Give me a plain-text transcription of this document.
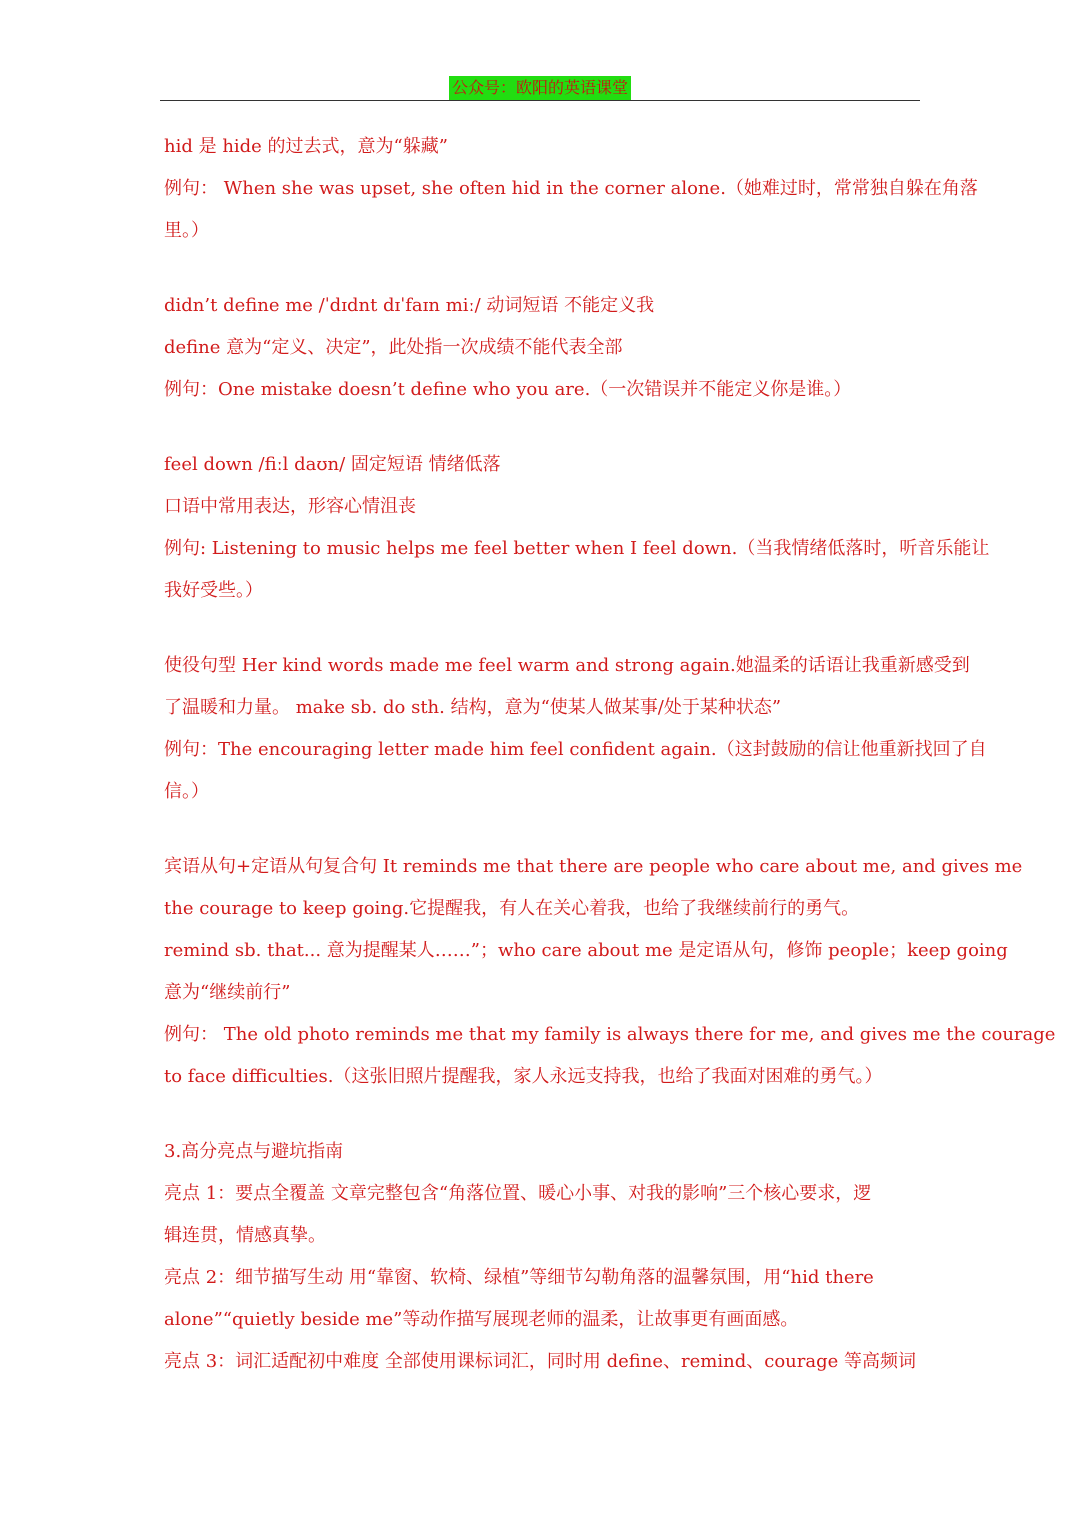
公众号：欧阳的英语课堂
hid 是 hide 的过去式，意为“躲藏”
例句： When she was upset, she often hid in the corner alone.（她难过时，常常独自躲在角落
里。）
didn’t define me /ˈdɪdnt dɪˈfaɪn miː/ 动词短语 不能定义我
define 意为“定义、决定”，此处指一次成绩不能代表全部
例句：One mistake doesn’t define who you are.（一次错误并不能定义你是谁。）
feel down /fiːl daʊn/ 固定短语 情绪低落
口语中常用表达，形容心情沮丧
例句: Listening to music helps me feel better when I feel down.（当我情绪低落时，听音乐能让
我好受些。）
使役句型 Her kind words made me feel warm and strong again.她温柔的话语让我重新感受到
了温暖和力量。 make sb. do sth. 结构，意为“使某人做某事/处于某种状态”
例句：The encouraging letter made him feel confident again.（这封鼓励的信让他重新找回了自
信。）
宾语从句+定语从句复合句 It reminds me that there are people who care about me, and gives me
the courage to keep going.它提醒我，有人在关心着我，也给了我继续前行的勇气。
remind sb. that... 意为提醒某人……”；who care about me 是定语从句，修饰 people；keep going
意为“继续前行”
例句： The old photo reminds me that my family is always there for me, and gives me the courage
to face difficulties.（这张旧照片提醒我，家人永远支持我，也给了我面对困难的勇气。）
3.高分亮点与避坑指南
亮点 1：要点全覆盖 文章完整包含“角落位置、暖心小事、对我的影响”三个核心要求，逻
辑连贯，情感真挚。
亮点 2：细节描写生动 用“靠窗、软椅、绿植”等细节勾勒角落的温馨氛围，用“hid there
alone”“quietly beside me”等动作描写展现老师的温柔，让故事更有画面感。
亮点 3：词汇适配初中难度 全部使用课标词汇，同时用 define、remind、courage 等高频词
